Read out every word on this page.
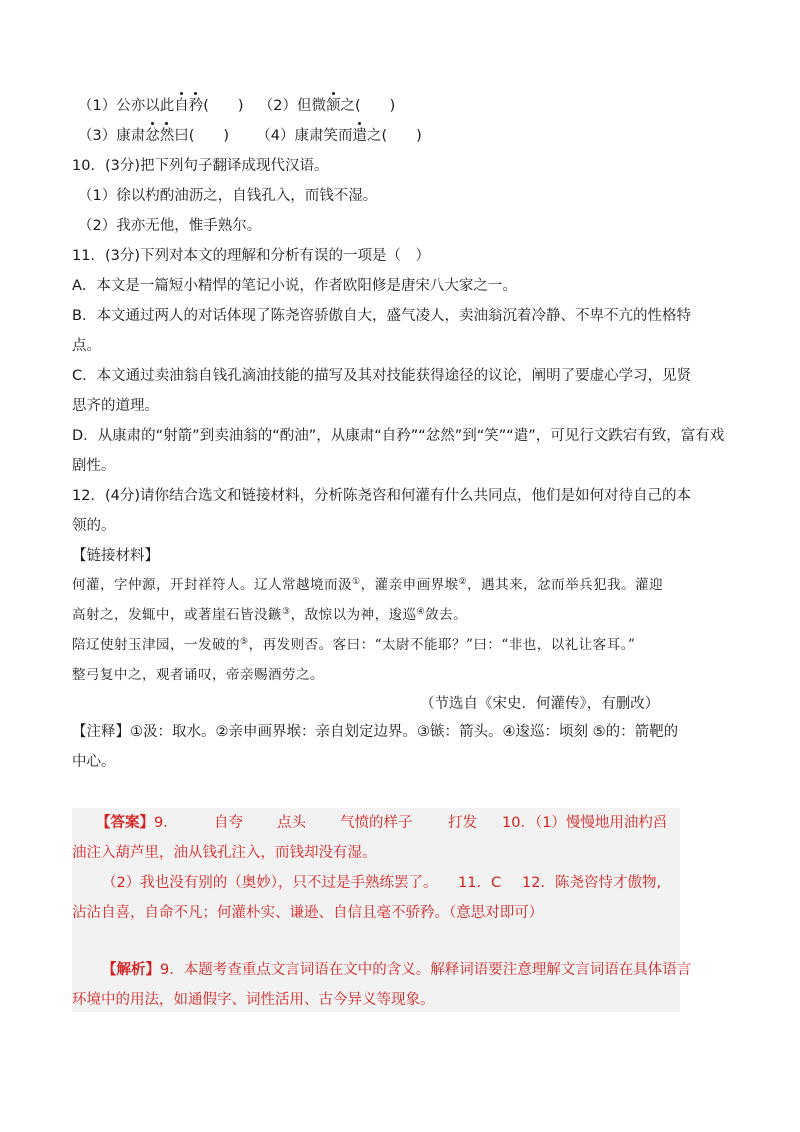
（1）公亦以此自矜(　　) （2）但微颔之(　　)

（3）康肃忿然曰(　　) （4）康肃笑而遣之(　　)

10．(3分)把下列句子翻译成现代汉语。

（1）徐以杓酌油沥之，自钱孔入，而钱不湿。

（2）我亦无他，惟手熟尔。

11．(3分)下列对本文的理解和分析有误的一项是（　）

A．本文是一篇短小精悍的笔记小说，作者欧阳修是唐宋八大家之一。

B．本文通过两人的对话体现了陈尧咨骄傲自大，盛气凌人，卖油翁沉着冷静、不卑不亢的性格特

点。

C．本文通过卖油翁自钱孔滴油技能的描写及其对技能获得途径的议论，阐明了要虚心学习，见贤

思齐的道理。

D．从康肃的“射箭”到卖油翁的“酌油”，从康肃“自矜”“忿然”到“笑”“遣”，可见行文跌宕有致，富有戏

剧性。

12．(4分)请你结合选文和链接材料，分析陈尧咨和何灌有什么共同点，他们是如何对待自己的本

领的。

【链接材料】

何灌，字仲源，开封祥符人。辽人常越境而汲①，灌亲申画界堠②，遇其来，忿而举兵犯我。灌迎

高射之，发辄中，或著崖石皆没鏃③，敌惊以为神，逡巡④敛去。

陪辽使射玉津园，一发破的⑤，再发则否。客曰：“太尉不能耶？”曰：“非也，以礼让客耳。”

整弓复中之，观者诵叹，帝亲赐酒劳之。

（节选自《宋史．何灌传》，有删改）

【注释】①汲：取水。②亲申画界堠：亲自划定边界。③镞：箭头。④逡巡：顷刻 ⑤的：箭靶的

中心。

【答案】9．	自夸 点头 气愤的样子 打发 10．（1）慢慢地用油杓舀

油注入葫芦里，油从钱孔注入，而钱却没有湿。

（2）我也没有别的（奥妙），只不过是手熟练罢了。 11．C 12．陈尧咨恃才傲物,

沾沾自喜，自命不凡；何灌朴实、谦逊、自信且毫不骄矜。（意思对即可）

【解析】9．本题考查重点文言词语在文中的含义。解释词语要注意理解文言词语在具体语言

环境中的用法，如通假字、词性活用、古今异义等现象。
